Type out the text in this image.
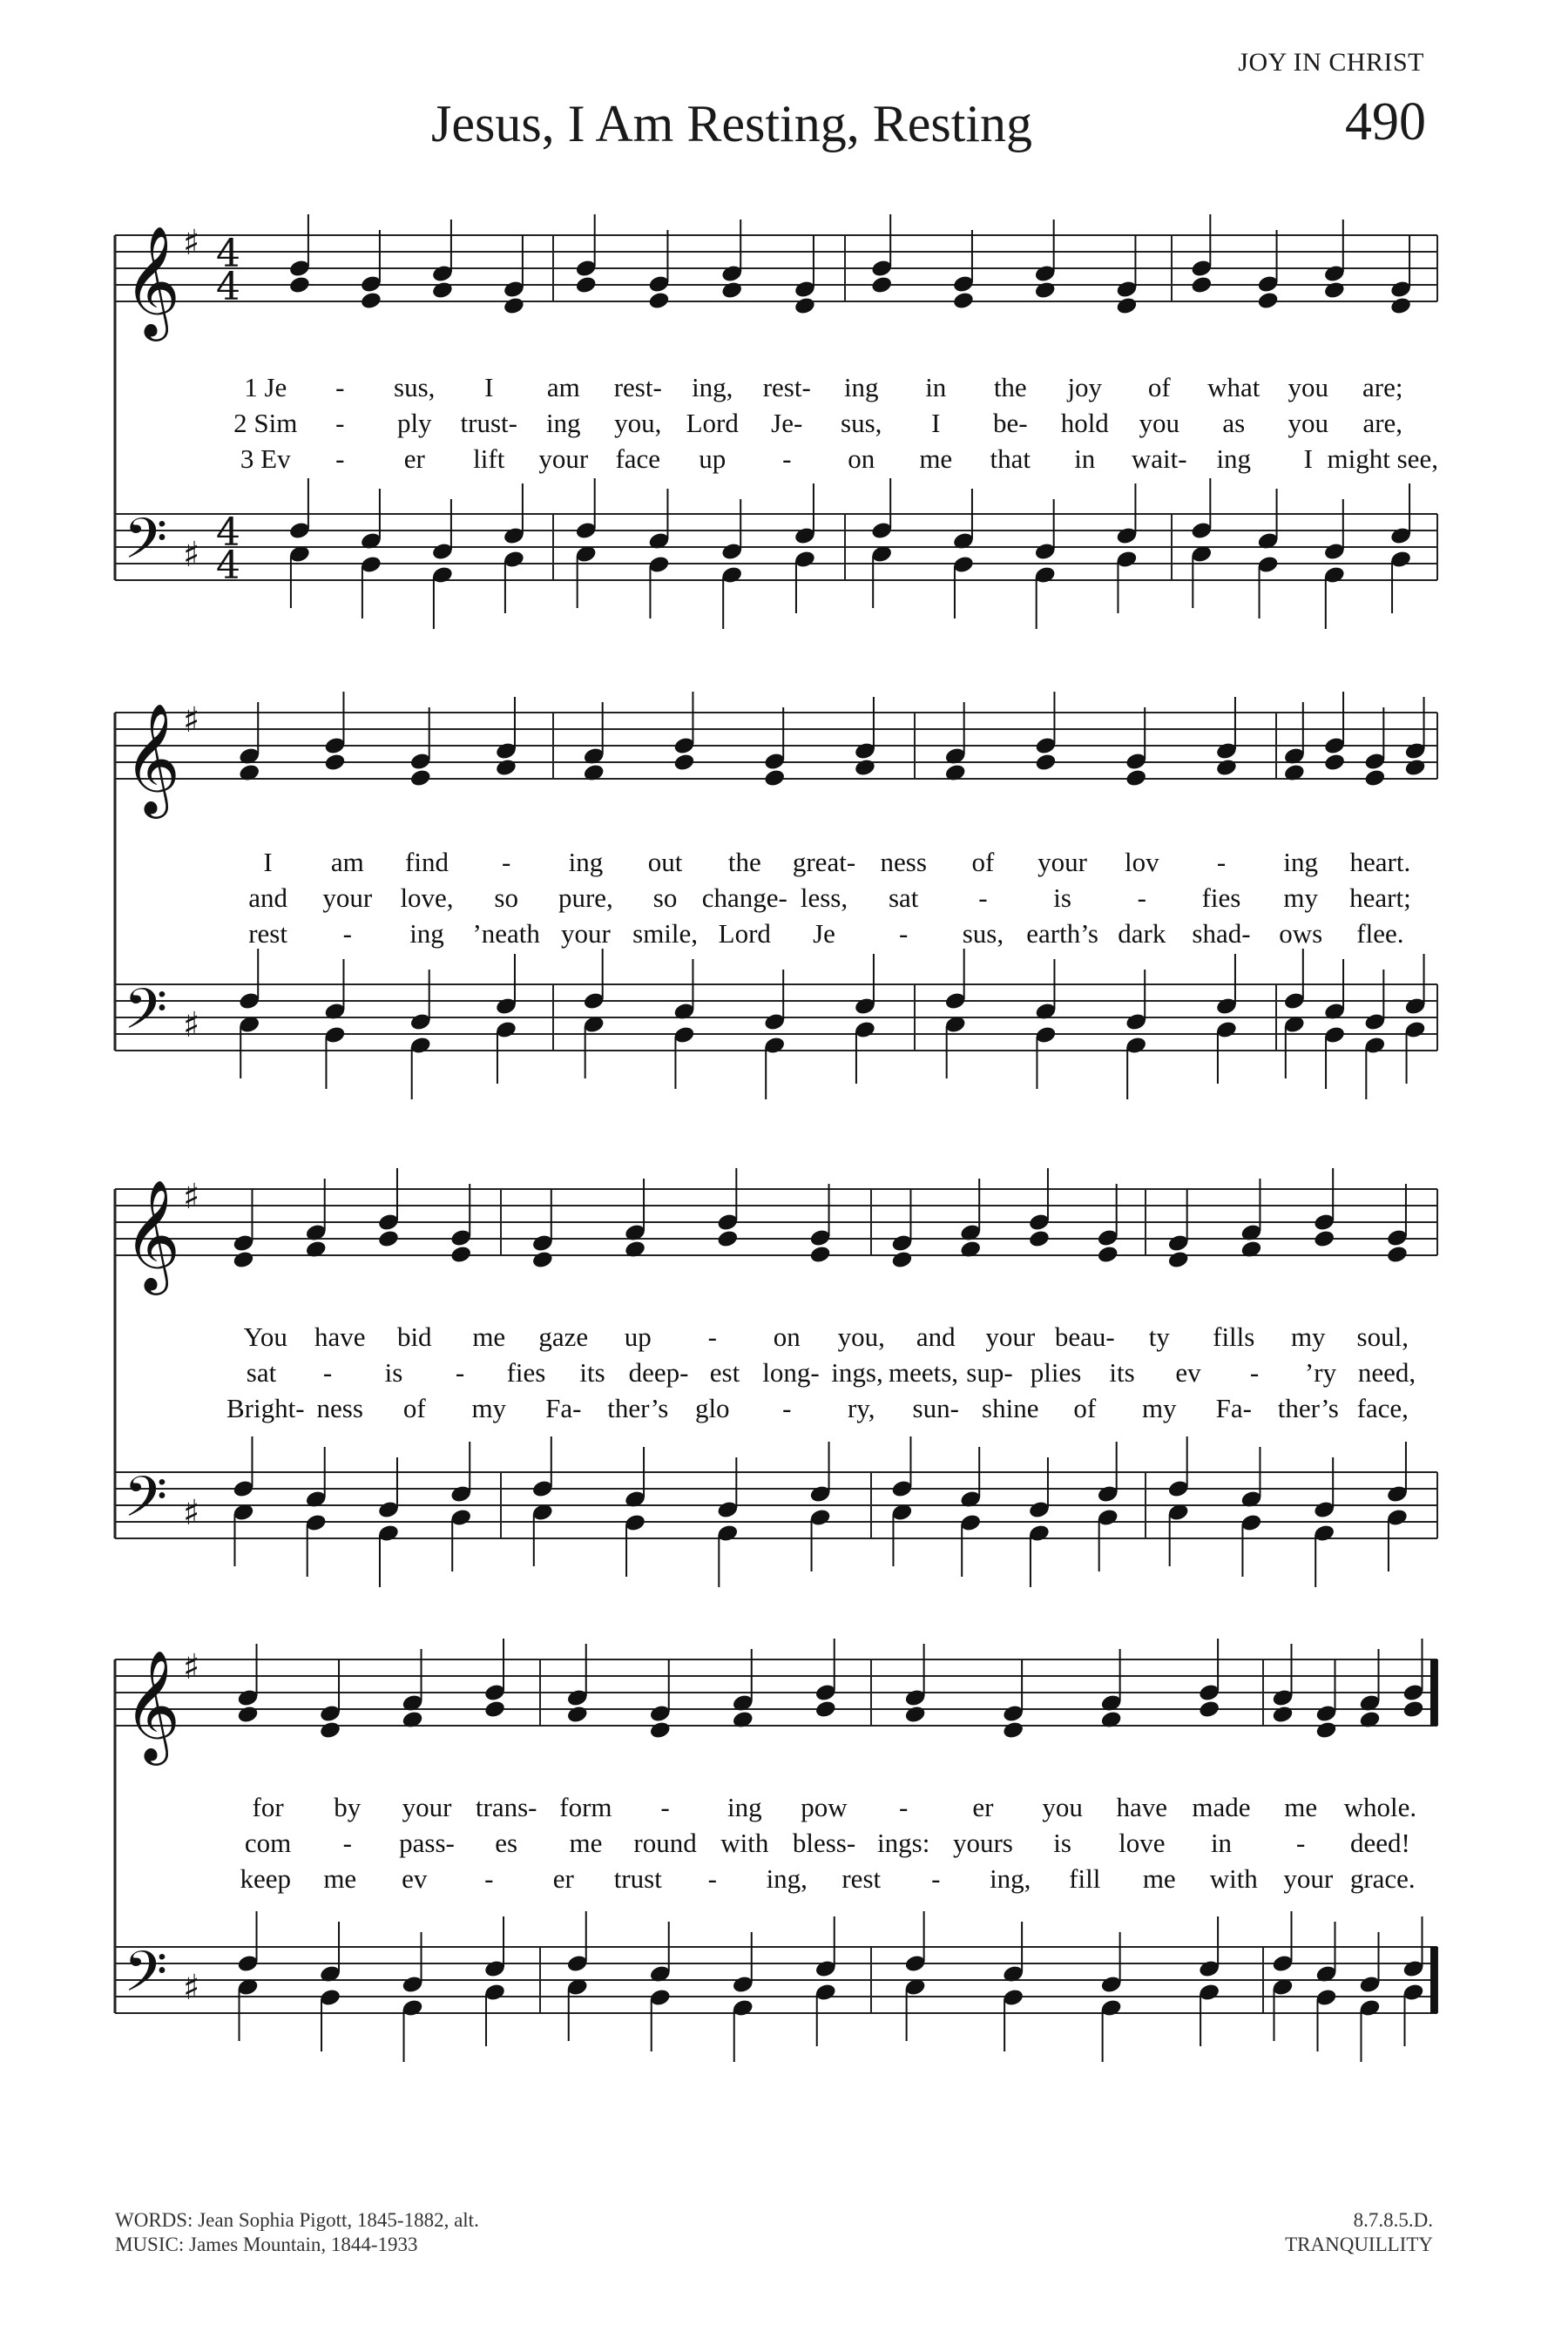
JOY IN CHRIST
Jesus, I Am Resting, Resting	490
𝄞
𝄢
♯
♯
4
4
4
4
1 Je - sus, I am rest- ing, rest- ing in the joy of what you are;
2 Sim - ply trust- ing you, Lord Je- sus, I be- hold you as you are,
3 Ev - er lift your face up - on me that in wait- ing I might see,
𝄞
𝄢
♯
♯
I am find - ing out the great- ness of your lov - ing heart.
and your love, so pure, so change- less, sat - is - fies my heart;
rest - ing ’neath your smile, Lord Je - sus, earth’s dark shad- ows flee.
𝄞
𝄢
♯
♯
You have bid me gaze up - on you, and your beau- ty fills my soul,
sat - is - fies its deep- est long- ings, meets, sup- plies its ev - ’ry need,
Bright- ness of my Fa- ther’s glo - ry, sun- shine of my Fa- ther’s face,
𝄞
𝄢
♯
♯
for by your trans- form - ing pow - er you have made me whole.
com - pass- es me round with bless- ings: yours is love in - deed!
keep me ev - er trust - ing, rest - ing, fill me with your grace.
WORDS: Jean Sophia Pigott, 1845-1882, alt.
MUSIC: James Mountain, 1844-1933
8.7.8.5.D.
TRANQUILLITY
